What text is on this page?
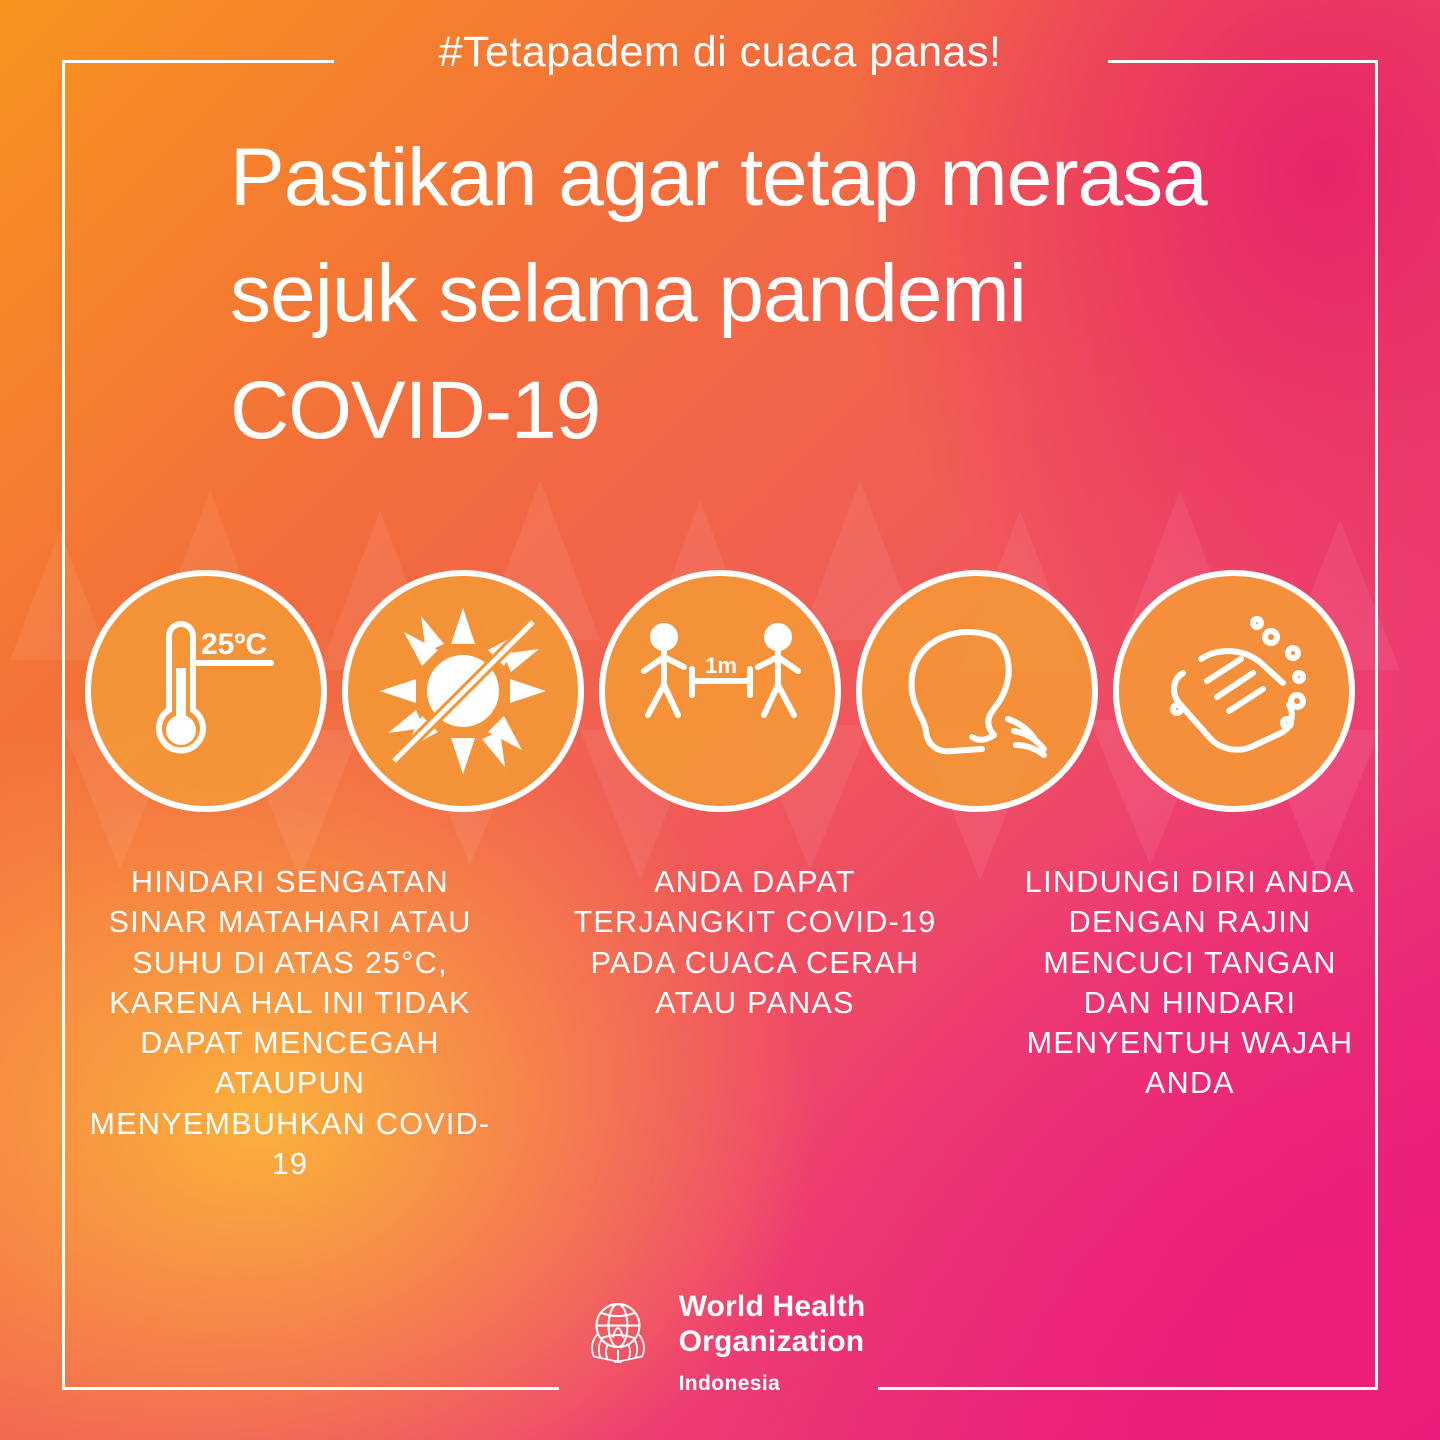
#Tetapadem di cuaca panas!
Pastikan agar tetap merasa sejuk selama pandemi COVID-19
25ºC
1m
HINDARI SENGATAN SINAR MATAHARI ATAU SUHU DI ATAS 25°C, KARENA HAL INI TIDAK DAPAT MENCEGAH ATAUPUN MENYEMBUHKAN COVID-19
ANDA DAPAT TERJANGKIT COVID-19 PADA CUACA CERAH ATAU PANAS
LINDUNGI DIRI ANDA DENGAN RAJIN MENCUCI TANGAN DAN HINDARI MENYENTUH WAJAH ANDA
World Health
Organization
Indonesia
